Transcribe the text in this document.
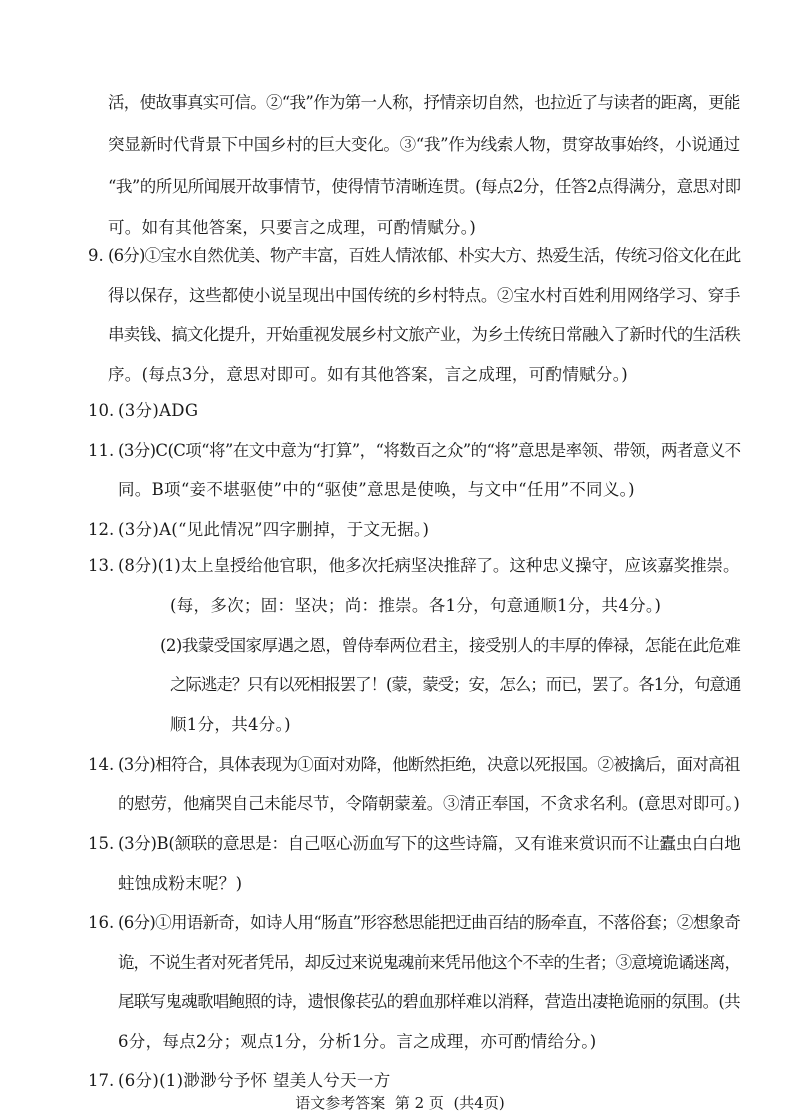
活，使故事真实可信。②“我”作为第一人称，抒情亲切自然，也拉近了与读者的距离，更能
突显新时代背景下中国乡村的巨大变化。③“我”作为线索人物，贯穿故事始终，小说通过
“我”的所见所闻展开故事情节，使得情节清晰连贯。(每点2分，任答2点得满分，意思对即
可。如有其他答案，只要言之成理，可酌情赋分。)
9. (6分)①宝水自然优美、物产丰富，百姓人情浓郁、朴实大方、热爱生活，传统习俗文化在此
得以保存，这些都使小说呈现出中国传统的乡村特点。②宝水村百姓利用网络学习、穿手
串卖钱、搞文化提升，开始重视发展乡村文旅产业，为乡土传统日常融入了新时代的生活秩
序。(每点3分，意思对即可。如有其他答案，言之成理，可酌情赋分。)
10. (3分)ADG
11. (3分)C(C项“将”在文中意为“打算”，“将数百之众”的“将”意思是率领、带领，两者意义不
同。B项“妾不堪驱使”中的“驱使”意思是使唤，与文中“任用”不同义。)
12. (3分)A(“见此情况”四字删掉，于文无据。)
13. (8分)(1)太上皇授给他官职，他多次托病坚决推辞了。这种忠义操守，应该嘉奖推崇。
(每，多次；固：坚决；尚：推崇。各1分，句意通顺1分，共4分。)
(2)我蒙受国家厚遇之恩，曾侍奉两位君主，接受别人的丰厚的俸禄，怎能在此危难
之际逃走？只有以死相报罢了！(蒙，蒙受；安，怎么；而已，罢了。各1分，句意通
顺1分，共4分。)
14. (3分)相符合，具体表现为①面对劝降，他断然拒绝，决意以死报国。②被擒后，面对高祖
的慰劳，他痛哭自己未能尽节，令隋朝蒙羞。③清正奉国，不贪求名利。(意思对即可。)
15. (3分)B(颔联的意思是：自己呕心沥血写下的这些诗篇，又有谁来赏识而不让蠹虫白白地
蛀蚀成粉末呢？)
16. (6分)①用语新奇，如诗人用“肠直”形容愁思能把迂曲百结的肠牵直，不落俗套；②想象奇
诡，不说生者对死者凭吊，却反过来说鬼魂前来凭吊他这个不幸的生者；③意境诡谲迷离，
尾联写鬼魂歌唱鲍照的诗，遗恨像苌弘的碧血那样难以消释，营造出凄艳诡丽的氛围。(共
6分，每点2分；观点1分，分析1分。言之成理，亦可酌情给分。)
语文参考答案  第 2 页  (共4页)
17. (6分)(1)渺渺兮予怀 望美人兮天一方
